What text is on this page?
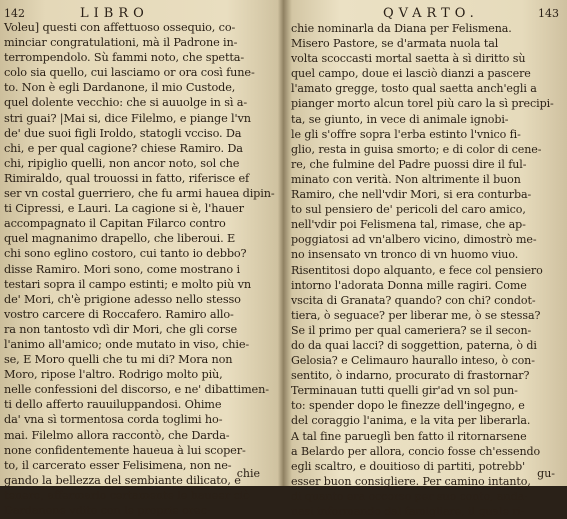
142	LIBRO
Voleu] questi con affettuoso ossequio, co-
minciar congratulationi, mà il Padrone in-
terrompendolo. Sù fammi noto, che spetta-
colo sia quello, cui lasciamo or ora così fune-
to. Non è egli Dardanone, il mio Custode,
quel dolente vecchio: che si auuolge in sì a-
stri guai? |Mai si, dice Filelmo, e piange l'vn
de' due suoi figli Iroldo, statogli vcciso. Da
chi, e per qual cagione? chiese Ramiro. Da
chi, ripiglio quelli, non ancor noto, sol che
Rimiraldo, qual trouossi in fatto, riferisce ef
ser vn costal guerriero, che fu armi hauea dipin-
ti Cipressi, e Lauri. La cagione si è, l'hauer
accompagnato il Capitan Filarco contro
quel magnanimo drapello, che liberoui. E
chi sono eglino costoro, cui tanto io debbo?
disse Ramiro. Mori sono, come mostrano i
testari sopra il campo estinti; e molto più vn
de' Mori, ch'è prigione adesso nello stesso
vostro carcere di Roccafero. Ramiro allo-
ra non tantosto vdì dir Mori, che gli corse
l'animo all'amico; onde mutato in viso, chie-
se, E Moro quelli che tu mi di? Mora non
Moro, ripose l'altro. Rodrigo molto più,
nelle confessioni del discorso, e ne' dibattimen-
ti dello afferto rauuiluppandosi. Ohime
da' vna sì tormentosa corda toglimi ho-
mai. Filelmo allora raccontò, che Darda-
none confidentemente haueua à lui scoper-
to, il carcerato esser Felisimena, non ne-
gando la bellezza del sembiante dilicato, e
tenero, affermarlo certamente le haueer ciò
Dardanone vdito con le proprie orec-
chie
QVARTO.	143
chie nominarla da Diana per Felismena.
Misero Pastore, se d'armata nuola tal
volta scoccasti mortal saetta à sì diritto sù
quel campo, doue ei lasciò dianzi a pascere
l'amato gregge, tosto qual saetta anch'egli a
pianger morto alcun torel più caro la sì precipi-
ta, se giunto, in vece di animale ignobi-
le gli s'offre sopra l'erba estinto l'vnico fi-
glio, resta in guisa smorto; e di color di cene-
re, che fulmine del Padre puossi dire il ful-
minato con verità. Non altrimente il buon
Ramiro, che nell'vdir Mori, si era conturba-
to sul pensiero de' pericoli del caro amico,
nell'vdir poi Felismena tal, rimase, che ap-
poggiatosi ad vn'albero vicino, dimostrò me-
no insensato vn tronco di vn huomo viuo.
Risentitosi dopo alquanto, e fece col pensiero
intorno l'adorata Donna mille ragiri. Come
vscita di Granata? quando? con chi? condot-
tiera, ò seguace? per liberar me, ò se stessa?
Se il primo per qual cameriera? se il secon-
do da quai lacci? di soggettion, paterna, ò di
Gelosia? e Celimauro haurallo inteso, ò con-
sentito, ò indarno, procurato di frastornar?
Terminauan tutti quelli gir'ad vn sol pun-
to: spender dopo le finezze dell'ingegno, e
del coraggio l'anima, e la vita per liberarla.
A tal fine parueglì ben fatto il ritornarsene
a Belardo per allora, concio fosse ch'essendo
egli scaltro, e douitioso di partiti, potrebb'
esser buon consigliere. Per camino intanto,
di quanto era occorso per suo conto, anda-
uasi informando dal famigliare, il quale ri-
gu-
